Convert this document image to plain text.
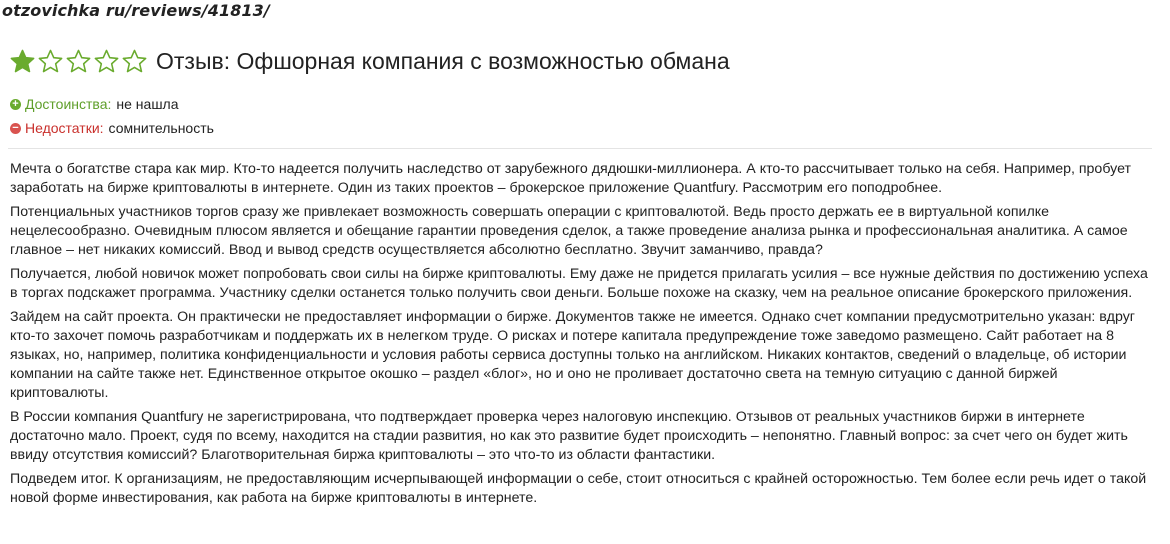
otzovichka ru/reviews/41813/
Отзыв: Офшорная компания с возможностью обмана
+ Достоинства: не нашла
− Недостатки: сомнительность

Мечта о богатстве стара как мир. Кто-то надеется получить наследство от зарубежного дядюшки-миллионера. А кто-то рассчитывает только на себя. Например, пробует заработать на бирже криптовалюты в интернете. Один из таких проектов – брокерское приложение Quantfury. Рассмотрим его поподробнее.

Потенциальных участников торгов сразу же привлекает возможность совершать операции с криптовалютой. Ведь просто держать ее в виртуальной копилке нецелесообразно. Очевидным плюсом является и обещание гарантии проведения сделок, а также проведение анализа рынка и профессиональная аналитика. А самое главное – нет никаких комиссий. Ввод и вывод средств осуществляется абсолютно бесплатно. Звучит заманчиво, правда?

Получается, любой новичок может попробовать свои силы на бирже криптовалюты. Ему даже не придется прилагать усилия – все нужные действия по достижению успеха в торгах подскажет программа. Участнику сделки останется только получить свои деньги. Больше похоже на сказку, чем на реальное описание брокерского приложения.

Зайдем на сайт проекта. Он практически не предоставляет информации о бирже. Документов также не имеется. Однако счет компании предусмотрительно указан: вдруг кто-то захочет помочь разработчикам и поддержать их в нелегком труде. О рисках и потере капитала предупреждение тоже заведомо размещено. Сайт работает на 8 языках, но, например, политика конфиденциальности и условия работы сервиса доступны только на английском. Никаких контактов, сведений о владельце, об истории компании на сайте также нет. Единственное открытое окошко – раздел «блог», но и оно не проливает достаточно света на темную ситуацию с данной биржей криптовалюты.

В России компания Quantfury не зарегистрирована, что подтверждает проверка через налоговую инспекцию. Отзывов от реальных участников биржи в интернете достаточно мало. Проект, судя по всему, находится на стадии развития, но как это развитие будет происходить – непонятно. Главный вопрос: за счет чего он будет жить ввиду отсутствия комиссий? Благотворительная биржа криптовалюты – это что-то из области фантастики.

Подведем итог. К организациям, не предоставляющим исчерпывающей информации о себе, стоит относиться с крайней осторожностью. Тем более если речь идет о такой новой форме инвестирования, как работа на бирже криптовалюты в интернете.
